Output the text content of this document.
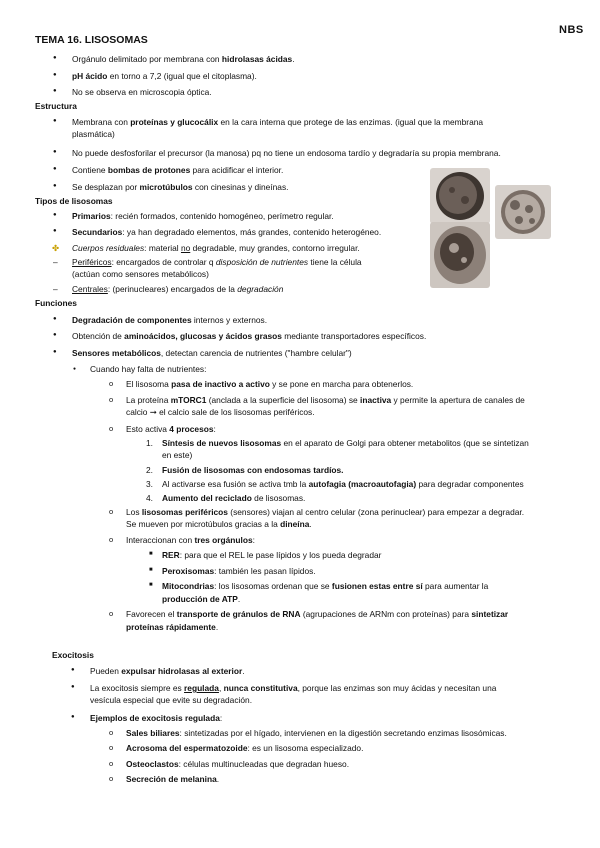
NBS
TEMA 16. LISOSOMAS
● Orgánulo delimitado por membrana con hidrolasas ácidas.
● pH ácido en torno a 7,2 (igual que el citoplasma).
● No se observa en microscopia óptica.
Estructura
● Membrana con proteínas y glucocálix en la cara interna que protege de las enzimas. (igual que la membrana
plasmática)
● No puede desfosforilar el precursor (la manosa) pq no tiene un endosoma tardío y degradaría su propia membrana.
● Contiene bombas de protones para acidificar el interior.
● Se desplazan por microtúbulos con cinesinas y dineínas.
Tipos de lisosomas
● Primarios: recién formados, contenido homogéneo, perímetro regular.
● Secundarios: ya han degradado elementos, más grandes, contenido heterogéneo.
Cuerpos residuales: material no degradable, muy grandes, contorno irregular.
✤
– Periféricos: encargados de controlar q disposición de nutrientes tiene la célula
(actúan como sensores metabólicos)
– Centrales: (perinucleares) encargados de la degradación
Funciones
● Degradación de componentes internos y externos.
● Obtención de aminoácidos, glucosas y ácidos grasos mediante transportadores específicos.
● Sensores metabólicos, detectan carencia de nutrientes ("hambre celular")
● Cuando hay falta de nutrientes:
o El lisosoma pasa de inactivo a activo y se pone en marcha para obtenerlos.
o La proteína mTORC1 (anclada a la superficie del lisosoma) se inactiva y permite la apertura de canales de
calcio ➞ el calcio sale de los lisosomas periféricos.
o Esto activa 4 procesos:
Síntesis de nuevos lisosomas en el aparato de Golgi para obtener metabolitos (que se sintetizan
1.
en este)
Fusión de lisosomas con endosomas tardíos.
2.
Al activarse esa fusión se activa tmb la autofagia (macroautofagia) para degradar componentes
3.
Aumento del reciclado de lisosomas.
4.
o Los lisosomas periféricos (sensores) viajan al centro celular (zona perinuclear) para empezar a degradar.
Se mueven por microtúbulos gracias a la dineína.
o Interaccionan con tres orgánulos:
■ RER: para que el REL le pase lípidos y los pueda degradar
■ Peroxisomas: también les pasan lípidos.
■ Mitocondrias: los lisosomas ordenan que se fusionen estas entre sí para aumentar la
producción de ATP.
o Favorecen el transporte de gránulos de RNA (agrupaciones de ARNm con proteínas) para sintetizar
proteínas rápidamente.
Exocitosis
● Pueden expulsar hidrolasas al exterior.
● La exocitosis siempre es regulada, nunca constitutiva, porque las enzimas son muy ácidas y necesitan una
vesícula especial que evite su degradación.
● Ejemplos de exocitosis regulada:
o Sales biliares: sintetizadas por el hígado, intervienen en la digestión secretando enzimas lisosómicas.
o Acrosoma del espermatozoide: es un lisosoma especializado.
o Osteoclastos: células multinucleadas que degradan hueso.
o Secreción de melanina.
